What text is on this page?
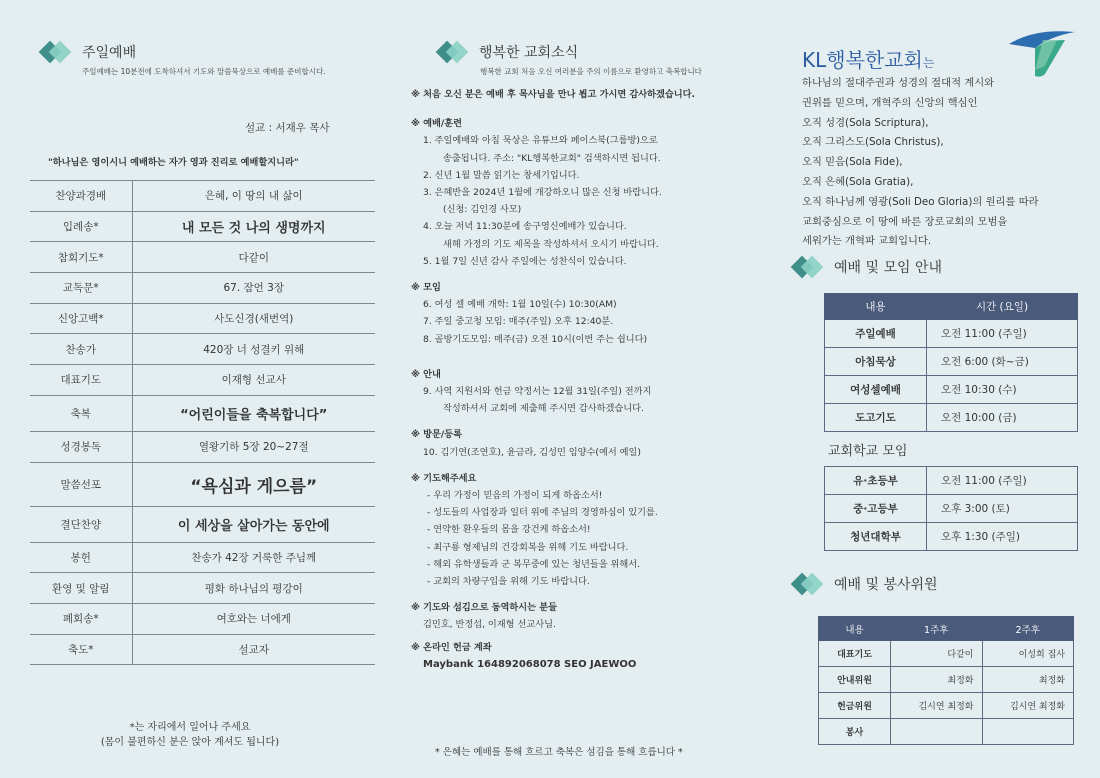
주일예배
주일예배는 10분전에 도착하셔서 기도와 말씀묵상으로 예배를 준비합시다.
설교 : 서재우 목사
"하나님은 영이시니 예배하는 자가 영과 진리로 예배할지니라"
찬양과경배	은혜, 이 땅의 내 삶이
입례송*	내 모든 것 나의 생명까지
참회기도*	다같이
교독문*	67. 잠언 3장
신앙고백*	사도신경(새번역)
찬송가	420장 너 성결키 위해
대표기도	이재형 선교사
축복	“어린이들을 축복합니다”
성경봉독	열왕기하 5장 20~27절
말씀선포	“욕심과 게으름”
결단찬양	이 세상을 살아가는 동안에
봉헌	찬송가 42장 거룩한 주님께
환영 및 알림	평화 하나님의 평강이
폐회송*	여호와는 너에게
축도*	설교자
*는 자리에서 일어나 주세요
(몸이 불편하신 분은 앉아 계셔도 됩니다)
행복한 교회소식
행복한 교회 처음 오신 여러분을 주의 이름으로 환영하고 축복합니다
※ 처음 오신 분은 예배 후 목사님을 만나 뵙고 가시면 감사하겠습니다.
※ 예배/훈련
1. 주일예배와 아침 묵상은 유튜브와 페이스북(그룹방)으로
송출됩니다. 주소: "KL행복한교회" 검색하시면 됩니다.
2. 신년 1월 말씀 읽기는 창세기입니다.
3. 은혜반을 2024년 1월에 개강하오니 많은 신청 바랍니다.
(신청: 김인경 사모)
4. 오늘 저녁 11:30분에 송구영신예배가 있습니다.
새해 가정의 기도 제목을 작성하셔서 오시기 바랍니다.
5. 1월 7일 신년 감사 주일에는 성찬식이 있습니다.
※ 모임
6. 여성 셀 예배 개학: 1월 10일(수) 10:30(AM)
7. 주일 중고청 모임: 매주(주일) 오후 12:40분.
8. 골방기도모임: 매주(금) 오전 10시(이번 주는 쉽니다)
※ 안내
9. 사역 지원서와 헌금 약정서는 12월 31일(주일) 전까지
작성하셔서 교회에 제출해 주시면 감사하겠습니다.
※ 방문/등록
10. 김기연(조연호), 윤금라, 김성민 임양수(예서 예일)
※ 기도해주세요
- 우리 가정이 믿음의 가정이 되게 하옵소서!
- 성도들의 사업장과 일터 위에 주님의 경영하심이 있기를.
- 연약한 환우들의 몸을 강건케 하옵소서!
- 최구룡 형제님의 건강회복을 위해 기도 바랍니다.
- 해외 유학생들과 군 복무중에 있는 청년들을 위해서.
- 교회의 차량구입을 위해 기도 바랍니다.
※ 기도와 섬김으로 동역하시는 분들
김민호, 반정섭, 이재형 선교사님.
※ 온라인 헌금 계좌
Maybank 164892068078 SEO JAEWOO
* 은혜는 예배를 통해 흐르고 축복은 섬김을 통해 흐릅니다 *
KL행복한교회는
하나님의 절대주권과 성경의 절대적 계시와
권위를 믿으며, 개혁주의 신앙의 핵심인
오직 성경(Sola Scriptura),
오직 그리스도(Sola Christus),
오직 믿음(Sola Fide),
오직 은혜(Sola Gratia),
오직 하나님께 영광(Soli Deo Gloria)의 원리를 따라
교회중심으로 이 땅에 바른 장로교회의 모범을
세워가는 개혁파 교회입니다.
예배 및 모임 안내
내용	시간 (요일)
주일예배	오전 11:00 (주일)
아침묵상	오전 6:00 (화~금)
여성셀예배	오전 10:30 (수)
도고기도	오전 10:00 (금)
교회학교 모임
유·초등부	오전 11:00 (주일)
중·고등부	오후 3:00 (토)
청년대학부	오후 1:30 (주일)
예배 및 봉사위원
내용	1주후	2주후
대표기도	다같이	이성희 집사
안내위원	최정화	최정화
헌금위원	김시연 최정화	김시연 최정화
봉사		
